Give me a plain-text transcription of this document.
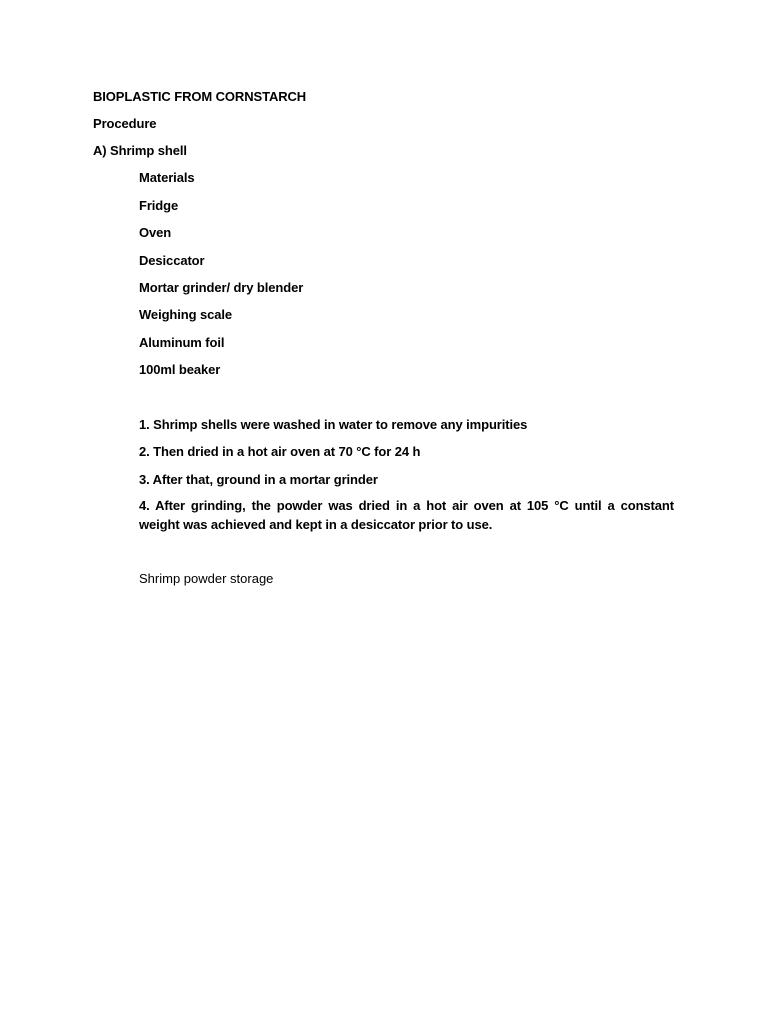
BIOPLASTIC FROM CORNSTARCH
Procedure
A) Shrimp shell
Materials
Fridge
Oven
Desiccator
Mortar grinder/ dry blender
Weighing scale
Aluminum foil
100ml beaker
1. Shrimp shells were washed in water to remove any impurities
2. Then dried in a hot air oven at 70 °C for 24 h
3. After that, ground in a mortar grinder
4. After grinding, the powder was dried in a hot air oven at 105 °C until a constant weight was achieved and kept in a desiccator prior to use.
Shrimp powder storage
